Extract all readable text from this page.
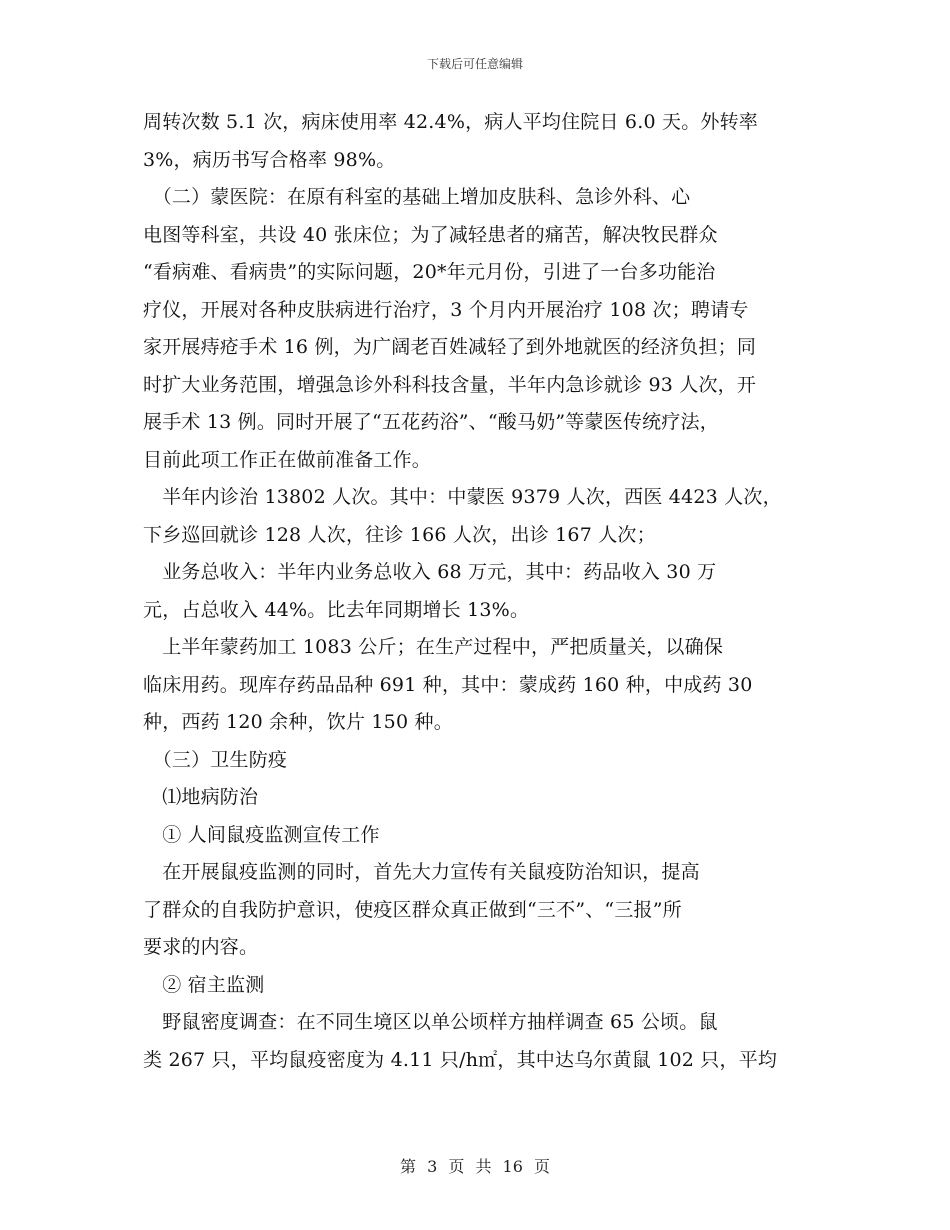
下载后可任意编辑
周转次数 5.1 次，病床使用率 42.4%，病人平均住院日 6.0 天。外转率
3%，病历书写合格率 98%。
　（二）蒙医院：在原有科室的基础上增加皮肤科、急诊外科、心
电图等科室，共设 40 张床位；为了减轻患者的痛苦，解决牧民群众
“看病难、看病贵”的实际问题，20*年元月份，引进了一台多功能治
疗仪，开展对各种皮肤病进行治疗，3 个月内开展治疗 108 次；聘请专
家开展痔疮手术 16 例，为广阔老百姓减轻了到外地就医的经济负担；同
时扩大业务范围，增强急诊外科科技含量，半年内急诊就诊 93 人次，开
展手术 13 例。同时开展了“五花药浴”、“酸马奶”等蒙医传统疗法，
目前此项工作正在做前准备工作。
　半年内诊治 13802 人次。其中：中蒙医 9379 人次，西医 4423 人次，
下乡巡回就诊 128 人次，往诊 166 人次，出诊 167 人次；
　业务总收入：半年内业务总收入 68 万元，其中：药品收入 30 万
元，占总收入 44%。比去年同期增长 13%。
　上半年蒙药加工 1083 公斤；在生产过程中，严把质量关，以确保
临床用药。现库存药品品种 691 种，其中：蒙成药 160 种，中成药 30
种，西药 120 余种，饮片 150 种。
　（三）卫生防疫
　⑴地病防治
　① 人间鼠疫监测宣传工作
　在开展鼠疫监测的同时，首先大力宣传有关鼠疫防治知识，提高
了群众的自我防护意识，使疫区群众真正做到“三不”、“三报”所
要求的内容。
　② 宿主监测
　野鼠密度调查：在不同生境区以单公顷样方抽样调查 65 公顷。鼠
类 267 只，平均鼠疫密度为 4.11 只/h㎡，其中达乌尔黄鼠 102 只，平均
第 3 页 共 16 页
